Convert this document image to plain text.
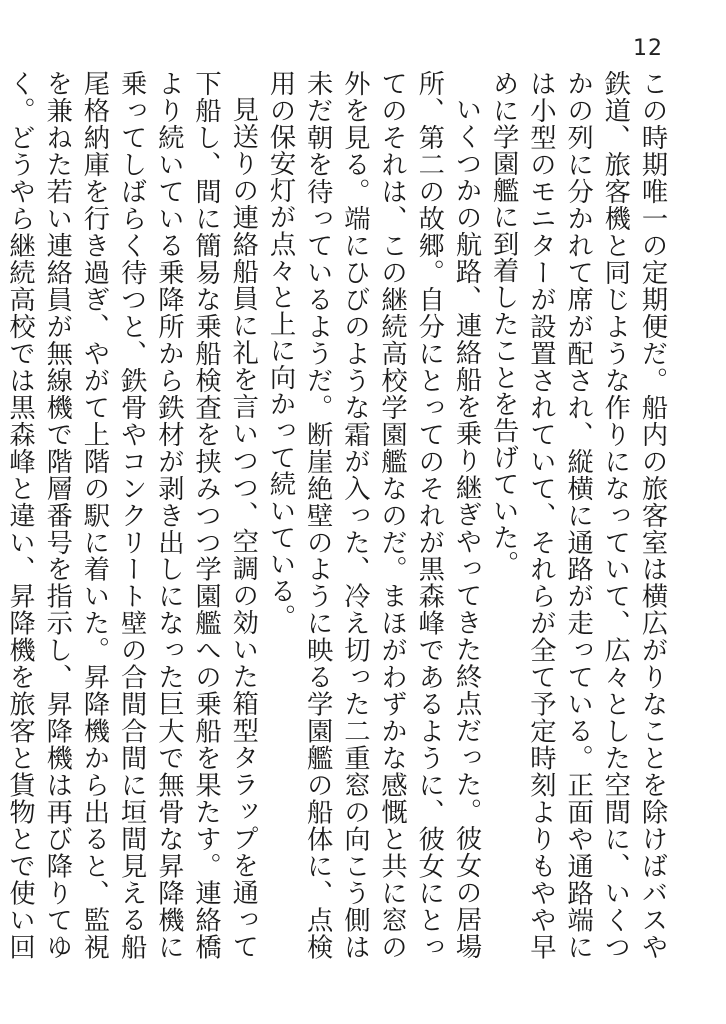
12

この時期唯一の定期便だ。船内の旅客室は横広がりなことを除けばバスや鉄道、旅客機と同じような作りになっていて、広々とした空間に、いくつかの列に分かれて席が配され、縦横に通路が走っている。正面や通路端には小型のモニターが設置されていて、それらが全て予定時刻よりもやや早めに学園艦に到着したことを告げていた。

いくつかの航路、連絡船を乗り継ぎやってきた終点だった。彼女の居場所、第二の故郷。自分にとってのそれが黒森峰であるように、彼女にとってのそれは、この継続高校学園艦なのだ。まほがわずかな感慨と共に窓の外を見る。端にひびのような霜が入った、冷え切った二重窓の向こう側は未だ朝を待っているようだ。断崖絶壁のように映る学園艦の船体に、点検用の保安灯が点々と上に向かって続いている。

見送りの連絡船員に礼を言いつつ、空調の効いた箱型タラップを通って下船し、間に簡易な乗船検査を挟みつつ学園艦への乗船を果たす。連絡橋より続いている乗降所から鉄材が剥き出しになった巨大で無骨な昇降機に乗ってしばらく待つと、鉄骨やコンクリート壁の合間合間に垣間見える船尾格納庫を行き過ぎ、やがて上階の駅に着いた。昇降機から出ると、監視を兼ねた若い連絡員が無線機で階層番号を指示し、昇降機は再び降りてゆく。どうやら継続高校では黒森峰と違い、昇降機を旅客と貨物とで使い回
